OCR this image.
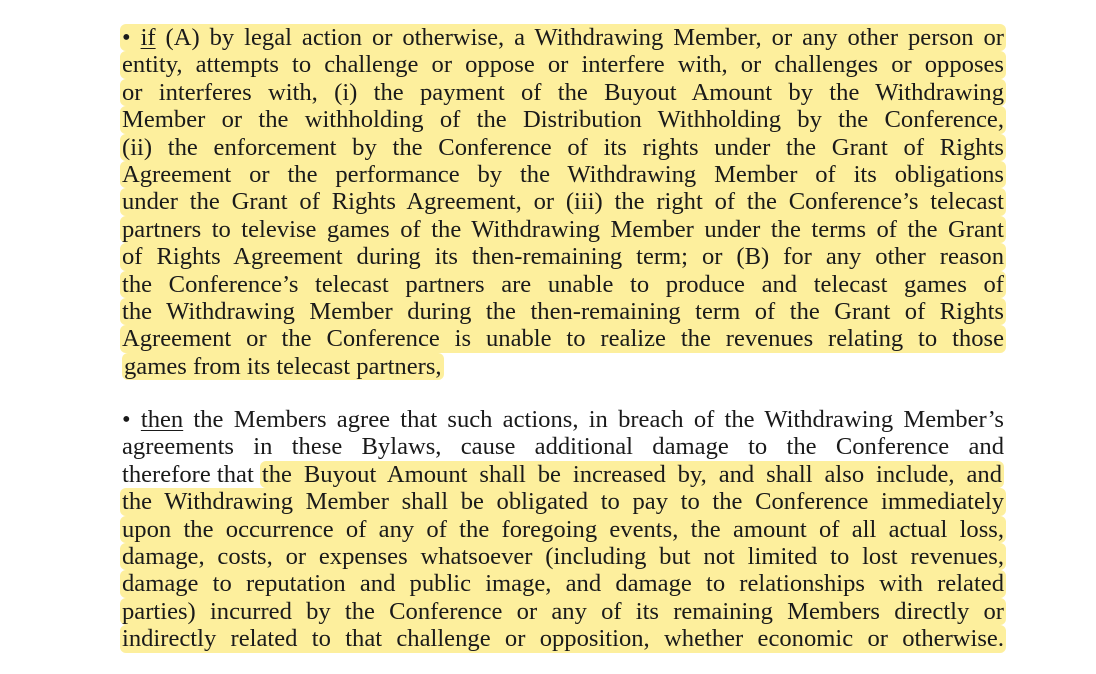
• if (A) by legal action or otherwise, a Withdrawing Member, or any other person or
entity, attempts to challenge or oppose or interfere with, or challenges or opposes
or interferes with, (i) the payment of the Buyout Amount by the Withdrawing
Member or the withholding of the Distribution Withholding by the Conference,
(ii) the enforcement by the Conference of its rights under the Grant of Rights
Agreement or the performance by the Withdrawing Member of its obligations
under the Grant of Rights Agreement, or (iii) the right of the Conference’s telecast
partners to televise games of the Withdrawing Member under the terms of the Grant
of Rights Agreement during its then-remaining term; or (B) for any other reason
the Conference’s telecast partners are unable to produce and telecast games of
the Withdrawing Member during the then-remaining term of the Grant of Rights
Agreement or the Conference is unable to realize the revenues relating to those
games from its telecast partners,
• then the Members agree that such actions, in breach of the Withdrawing Member’s
agreements in these Bylaws, cause additional damage to the Conference and
therefore that the Buyout Amount shall be increased by, and shall also include, and
the Withdrawing Member shall be obligated to pay to the Conference immediately
upon the occurrence of any of the foregoing events, the amount of all actual loss,
damage, costs, or expenses whatsoever (including but not limited to lost revenues,
damage to reputation and public image, and damage to relationships with related
parties) incurred by the Conference or any of its remaining Members directly or
indirectly related to that challenge or opposition, whether economic or otherwise.
